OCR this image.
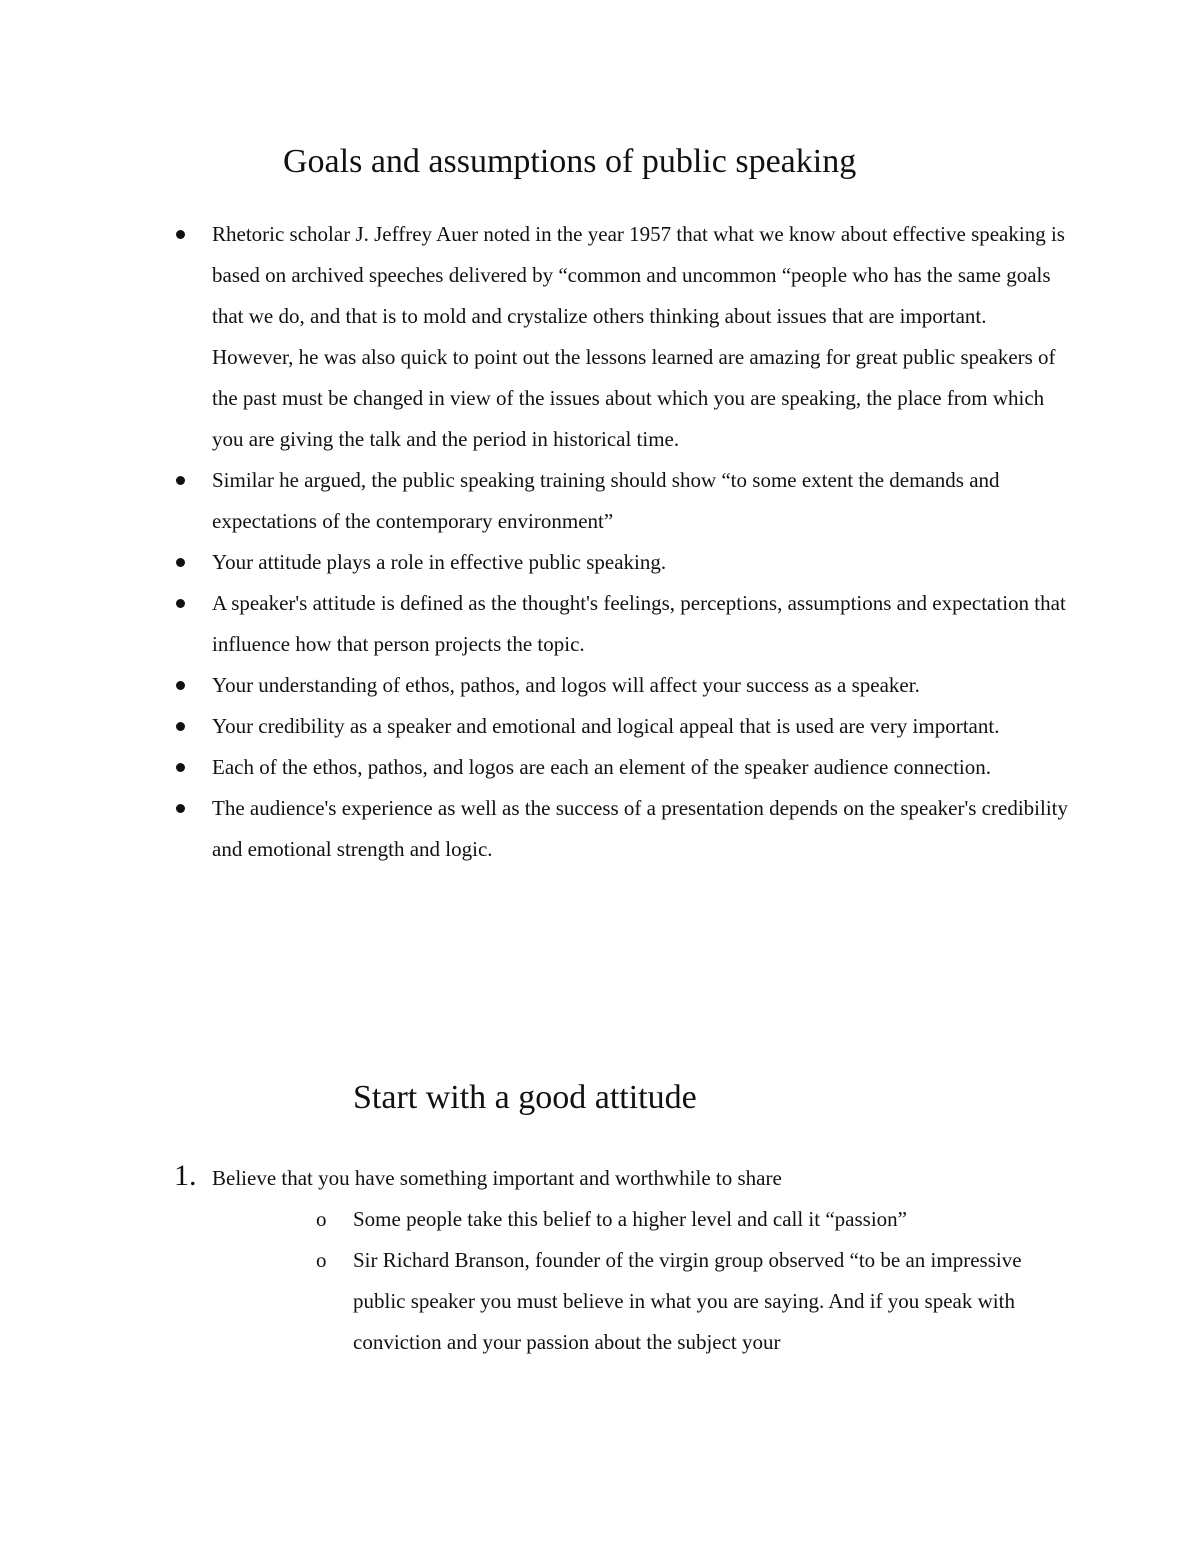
Goals and assumptions of public speaking
Rhetoric scholar J. Jeffrey Auer noted in the year 1957 that what we know about effective speaking is based on archived speeches delivered by “common and uncommon “people who has the same goals that we do, and that is to mold and crystalize others thinking about issues that are important. However, he was also quick to point out the lessons learned are amazing for great public speakers of the past must be changed in view of the issues about which you are speaking, the place from which you are giving the talk and the period in historical time.
Similar he argued, the public speaking training should show “to some extent the demands and expectations of the contemporary environment”
Your attitude plays a role in effective public speaking.
A speaker's attitude is defined as the thought's feelings, perceptions, assumptions and expectation that influence how that person projects the topic.
Your understanding of ethos, pathos, and logos will affect your success as a speaker.
Your credibility as a speaker and emotional and logical appeal that is used are very important.
Each of the ethos, pathos, and logos are each an element of the speaker audience connection.
The audience's experience as well as the success of a presentation depends on the speaker's credibility and emotional strength and logic.
Start with a good attitude
1. Believe that you have something important and worthwhile to share
o Some people take this belief to a higher level and call it “passion”
o Sir Richard Branson, founder of the virgin group observed “to be an impressive public speaker you must believe in what you are saying. And if you speak with conviction and your passion about the subject your
